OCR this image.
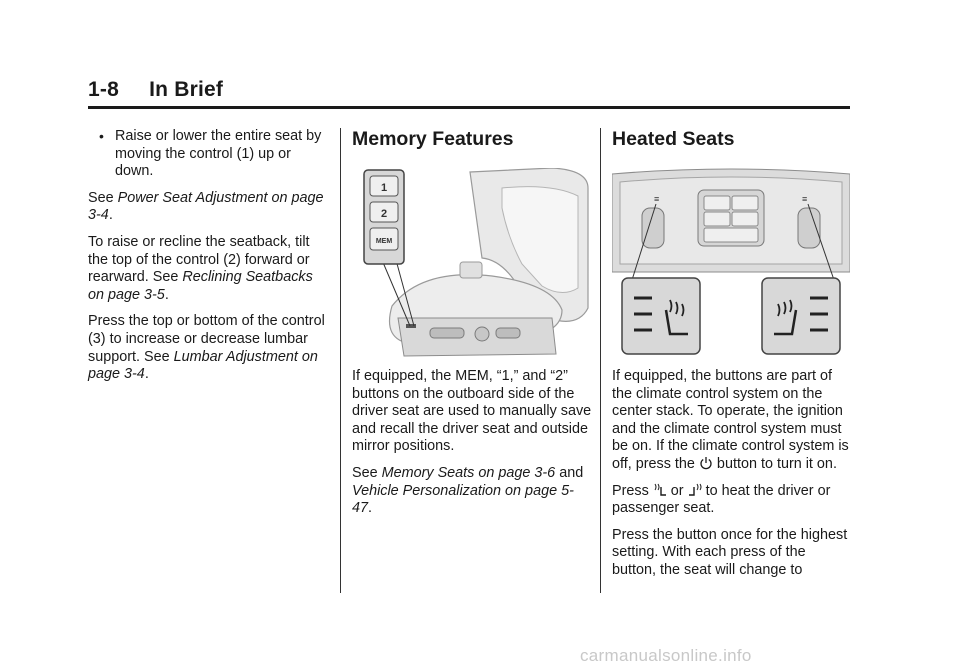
1-8     In Brief
• Raise or lower the entire seat by moving the control (1) up or down.

See Power Seat Adjustment on page 3-4.

To raise or recline the seatback, tilt the top of the control (2) forward or rearward. See Reclining Seatbacks on page 3-5.

Press the top or bottom of the control (3) to increase or decrease lumbar support. See Lumbar Adjustment on page 3-4.

Memory Features
1
2
MEM

If equipped, the MEM, “1,” and “2” buttons on the outboard side of the driver seat are used to manually save and recall the driver seat and outside mirror positions.

See Memory Seats on page 3-6 and Vehicle Personalization on page 5-47.

Heated Seats
≡	≡

If equipped, the buttons are part of the climate control system on the center stack. To operate, the ignition and the climate control system must be on. If the climate control system is off, press the  button to turn it on.

Press  or  to heat the driver or passenger seat.

Press the button once for the highest setting. With each press of the button, the seat will change to

carmanualsonline.info
